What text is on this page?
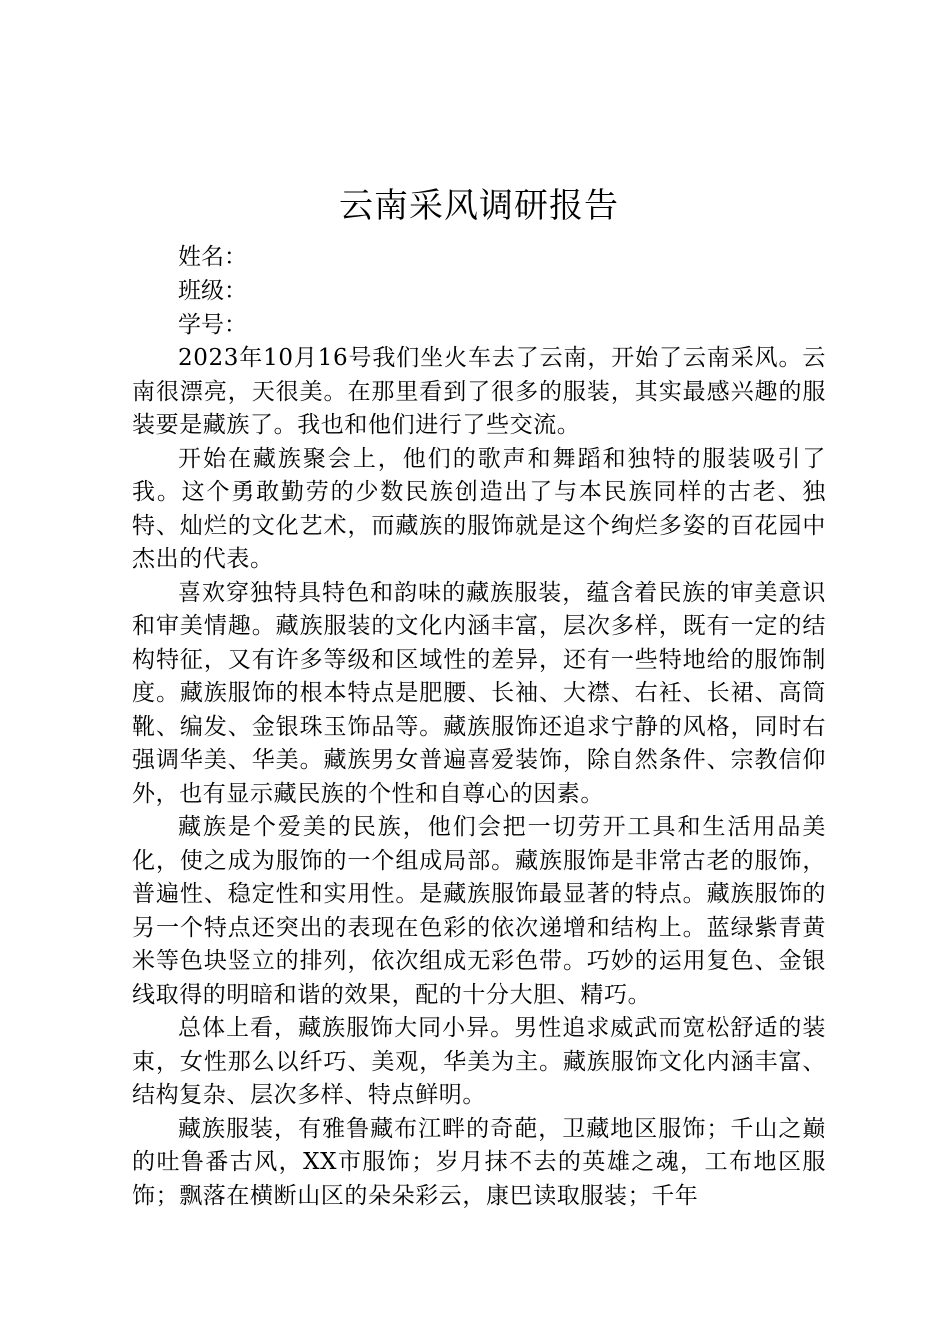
云南采风调研报告

姓名：

班级：

学号：

2023年10月16号我们坐火车去了云南，开始了云南采风。云南很漂亮，天很美。在那里看到了很多的服装，其实最感兴趣的服装要是藏族了。我也和他们进行了些交流。

开始在藏族聚会上，他们的歌声和舞蹈和独特的服装吸引了我。这个勇敢勤劳的少数民族创造出了与本民族同样的古老、独特、灿烂的文化艺术，而藏族的服饰就是这个绚烂多姿的百花园中杰出的代表。

喜欢穿独特具特色和韵味的藏族服装，蕴含着民族的审美意识和审美情趣。藏族服装的文化内涵丰富，层次多样，既有一定的结构特征，又有许多等级和区域性的差异，还有一些特地给的服饰制度。藏族服饰的根本特点是肥腰、长袖、大襟、右衽、长裙、高筒靴、编发、金银珠玉饰品等。藏族服饰还追求宁静的风格，同时右强调华美、华美。藏族男女普遍喜爱装饰，除自然条件、宗教信仰外，也有显示藏民族的个性和自尊心的因素。

藏族是个爱美的民族，他们会把一切劳开工具和生活用品美化，使之成为服饰的一个组成局部。藏族服饰是非常古老的服饰，普遍性、稳定性和实用性。是藏族服饰最显著的特点。藏族服饰的另一个特点还突出的表现在色彩的依次递增和结构上。蓝绿紫青黄米等色块竖立的排列，依次组成无彩色带。巧妙的运用复色、金银线取得的明暗和谐的效果，配的十分大胆、精巧。

总体上看，藏族服饰大同小异。男性追求威武而宽松舒适的装束，女性那么以纤巧、美观，华美为主。藏族服饰文化内涵丰富、结构复杂、层次多样、特点鲜明。

藏族服装，有雅鲁藏布江畔的奇葩，卫藏地区服饰；千山之巅的吐鲁番古风，XX市服饰；岁月抹不去的英雄之魂，工布地区服饰；飘落在横断山区的朵朵彩云，康巴读取服装；千年
